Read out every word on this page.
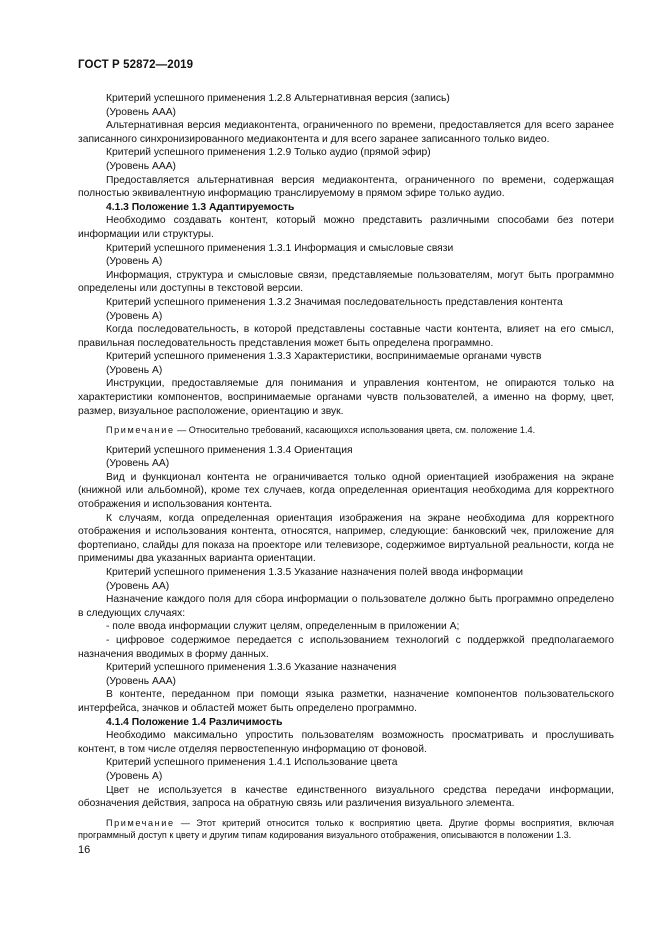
ГОСТ Р 52872—2019
Критерий успешного применения 1.2.8 Альтернативная версия (запись)
(Уровень ААА)
Альтернативная версия медиаконтента, ограниченного по времени, предоставляется для всего заранее записанного синхронизированного медиаконтента и для всего заранее записанного только видео.
Критерий успешного применения 1.2.9 Только аудио (прямой эфир)
(Уровень ААА)
Предоставляется альтернативная версия медиаконтента, ограниченного по времени, содержащая полностью эквивалентную информацию транслируемому в прямом эфире только аудио.
4.1.3 Положение 1.3 Адаптируемость
Необходимо создавать контент, который можно представить различными способами без потери информации или структуры.
Критерий успешного применения 1.3.1 Информация и смысловые связи
(Уровень А)
Информация, структура и смысловые связи, представляемые пользователям, могут быть программно определены или доступны в текстовой версии.
Критерий успешного применения 1.3.2 Значимая последовательность представления контента
(Уровень А)
Когда последовательность, в которой представлены составные части контента, влияет на его смысл, правильная последовательность представления может быть определена программно.
Критерий успешного применения 1.3.3 Характеристики, воспринимаемые органами чувств
(Уровень А)
Инструкции, предоставляемые для понимания и управления контентом, не опираются только на характеристики компонентов, воспринимаемые органами чувств пользователей, а именно на форму, цвет, размер, визуальное расположение, ориентацию и звук.
Примечание — Относительно требований, касающихся использования цвета, см. положение 1.4.
Критерий успешного применения 1.3.4 Ориентация
(Уровень АА)
Вид и функционал контента не ограничивается только одной ориентацией изображения на экране (книжной или альбомной), кроме тех случаев, когда определенная ориентация необходима для корректного отображения и использования контента.
К случаям, когда определенная ориентация изображения на экране необходима для корректного отображения и использования контента, относятся, например, следующие: банковский чек, приложение для фортепиано, слайды для показа на проекторе или телевизоре, содержимое виртуальной реальности, когда не применимы два указанных варианта ориентации.
Критерий успешного применения 1.3.5 Указание назначения полей ввода информации
(Уровень АА)
Назначение каждого поля для сбора информации о пользователе должно быть программно определено в следующих случаях:
- поле ввода информации служит целям, определенным в приложении А;
- цифровое содержимое передается с использованием технологий с поддержкой предполагаемого назначения вводимых в форму данных.
Критерий успешного применения 1.3.6 Указание назначения
(Уровень ААА)
В контенте, переданном при помощи языка разметки, назначение компонентов пользовательского интерфейса, значков и областей может быть определено программно.
4.1.4 Положение 1.4 Различимость
Необходимо максимально упростить пользователям возможность просматривать и прослушивать контент, в том числе отделяя первостепенную информацию от фоновой.
Критерий успешного применения 1.4.1 Использование цвета
(Уровень А)
Цвет не используется в качестве единственного визуального средства передачи информации, обозначения действия, запроса на обратную связь или различения визуального элемента.
Примечание — Этот критерий относится только к восприятию цвета. Другие формы восприятия, включая программный доступ к цвету и другим типам кодирования визуального отображения, описываются в положении 1.3.
16
